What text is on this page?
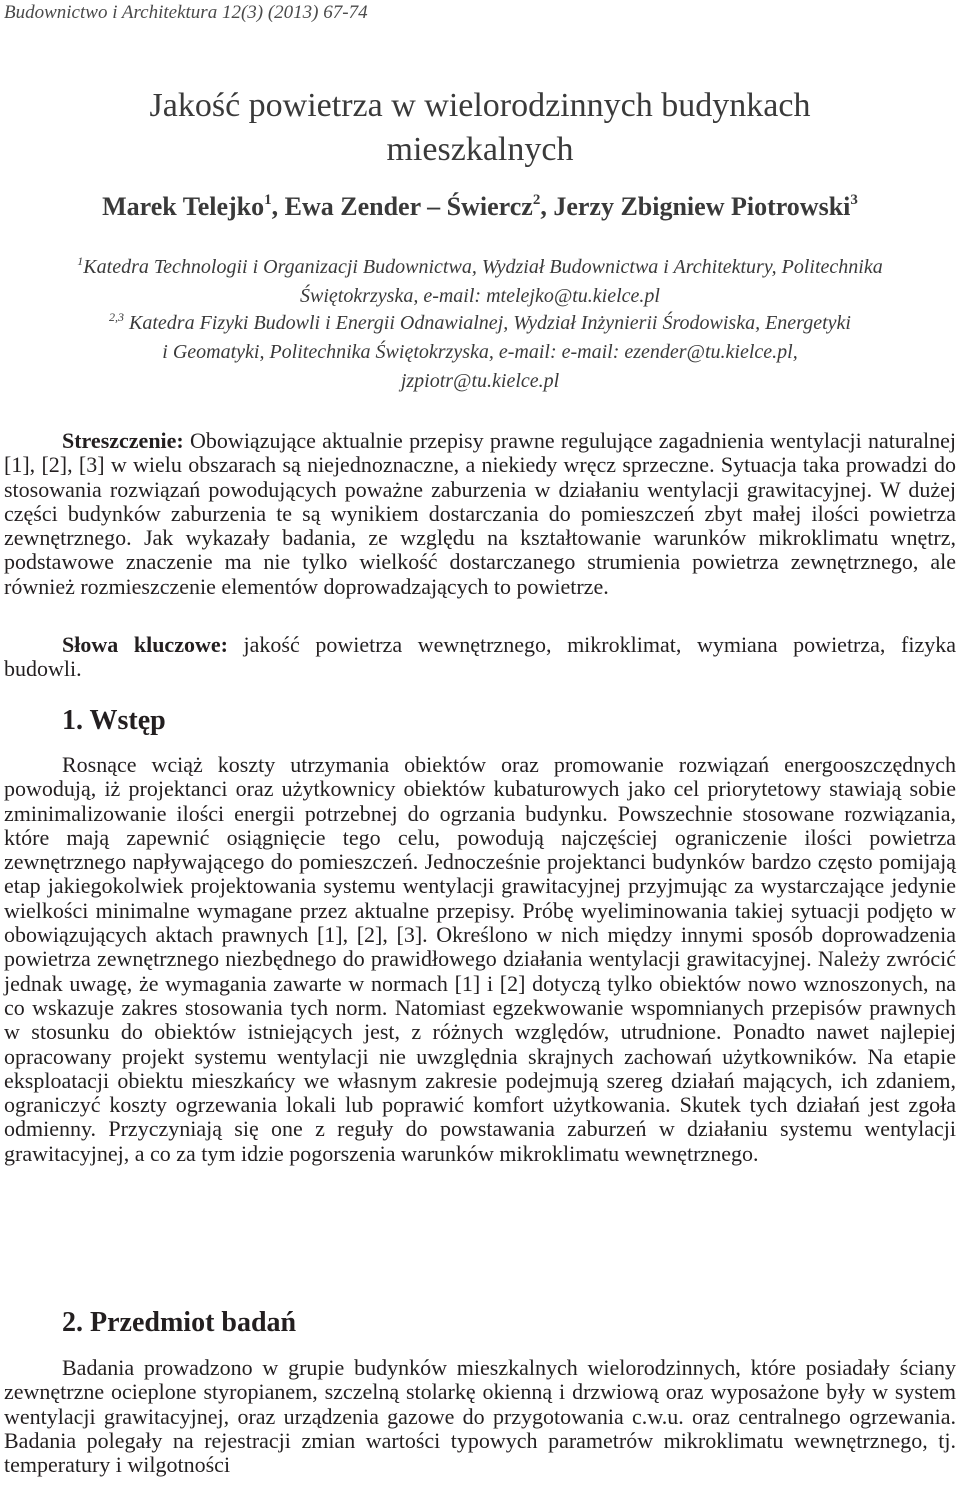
Budownictwo i Architektura 12(3) (2013) 67-74
Jakość powietrza w wielorodzinnych budynkach
mieszkalnych
Marek Telejko$^1$, Ewa Zender – Świercz$^2$, Jerzy Zbigniew Piotrowski$^3$
$^1$Katedra Technologii i Organizacji Budownictwa, Wydział Budownictwa i Architektury, Politechnika
Świętokrzyska, e-mail: mtelejko@tu.kielce.pl
$^{2,3}$ Katedra Fizyki Budowli i Energii Odnawialnej, Wydział Inżynierii Środowiska, Energetyki
i Geomatyki, Politechnika Świętokrzyska, e-mail: e-mail: ezender@tu.kielce.pl,
jzpiotr@tu.kielce.pl

Streszczenie: Obowiązujące aktualnie przepisy prawne regulujące zagadnienia wentylacji naturalnej [1], [2], [3] w wielu obszarach są niejednoznaczne, a niekiedy wręcz sprzeczne. Sytuacja taka prowadzi do stosowania rozwiązań powodujących poważne zaburzenia w działaniu wentylacji grawitacyjnej. W dużej części budynków zaburzenia te są wynikiem dostarczania do pomieszczeń zbyt małej ilości powietrza zewnętrznego. Jak wykazały badania, ze względu na kształtowanie warunków mikroklimatu wnętrz, podstawowe znaczenie ma nie tylko wielkość dostarczanego strumienia powietrza zewnętrznego, ale również rozmieszczenie elementów doprowadzających to powietrze.

Słowa kluczowe: jakość powietrza wewnętrznego, mikroklimat, wymiana powietrza, fizyka budowli.

1. Wstęp

Rosnące wciąż koszty utrzymania obiektów oraz promowanie rozwiązań energooszczędnych powodują, iż projektanci oraz użytkownicy obiektów kubaturowych jako cel priorytetowy stawiają sobie zminimalizowanie ilości energii potrzebnej do ogrzania budynku. Powszechnie stosowane rozwiązania, które mają zapewnić osiągnięcie tego celu, powodują najczęściej ograniczenie ilości powietrza zewnętrznego napływającego do pomieszczeń. Jednocześnie projektanci budynków bardzo często pomijają etap jakiegokolwiek projektowania systemu wentylacji grawitacyjnej przyjmując za wystarczające jedynie wielkości minimalne wymagane przez aktualne przepisy. Próbę wyeliminowania takiej sytuacji podjęto w obowiązujących aktach prawnych [1], [2], [3]. Określono w nich między innymi sposób doprowadzenia powietrza zewnętrznego niezbędnego do prawidłowego działania wentylacji grawitacyjnej. Należy zwrócić jednak uwagę, że wymagania zawarte w normach [1] i [2] dotyczą tylko obiektów nowo wznoszonych, na co wskazuje zakres stosowania tych norm. Natomiast egzekwowanie wspomnianych przepisów prawnych w stosunku do obiektów istniejących jest, z różnych względów, utrudnione. Ponadto nawet najlepiej opracowany projekt systemu wentylacji nie uwzględnia skrajnych zachowań użytkowników. Na etapie eksploatacji obiektu mieszkańcy we własnym zakresie podejmują szereg działań mających, ich zdaniem, ograniczyć koszty ogrzewania lokali lub poprawić komfort użytkowania. Skutek tych działań jest zgoła odmienny. Przyczyniają się one z reguły do powstawania zaburzeń w działaniu systemu wentylacji grawitacyjnej, a co za tym idzie pogorszenia warunków mikroklimatu wewnętrznego.

2. Przedmiot badań

Badania prowadzono w grupie budynków mieszkalnych wielorodzinnych, które posiadały ściany zewnętrzne ocieplone styropianem, szczelną stolarkę okienną i drzwiową oraz wyposażone były w system wentylacji grawitacyjnej, oraz urządzenia gazowe do przygotowania c.w.u. oraz centralnego ogrzewania. Badania polegały na rejestracji zmian wartości typowych parametrów mikroklimatu wewnętrznego, tj. temperatury i wilgotności
